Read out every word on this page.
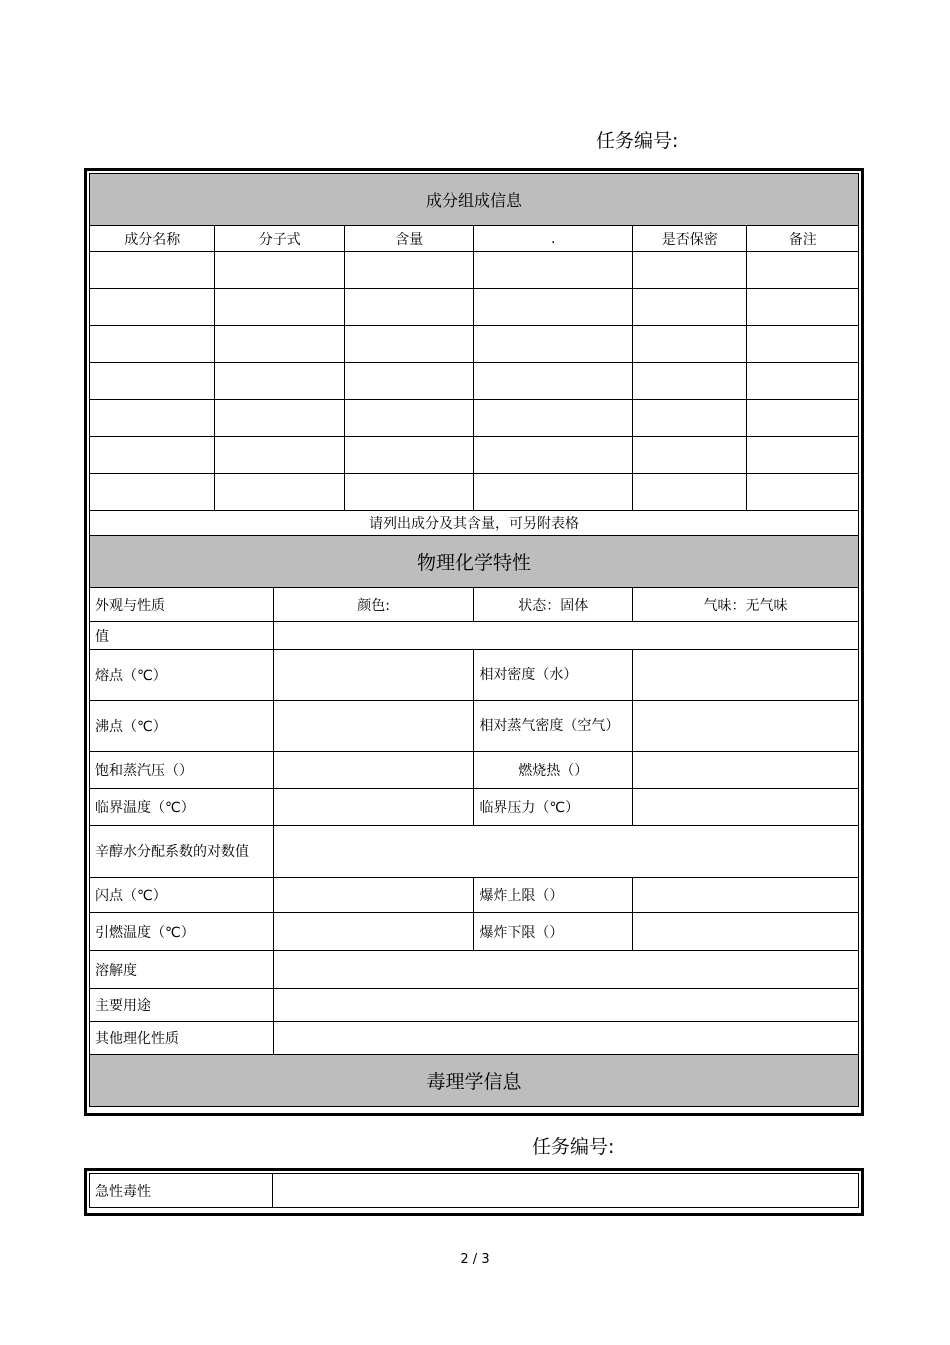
任务编号:
成分组成信息						
成分名称	分子式		含量	.	是否保密	备注

请列出成分及其含量，可另附表格						
物理化学特性						
外观与性质		颜色:		状态：固体	气味：无气味	
值						
熔点（℃）				相对密度（水）		
沸点（℃）				相对蒸气密度（空气）		
饱和蒸汽压（）				燃烧热（）		
临界温度（℃）				临界压力（℃）		
辛醇水分配系数的对数值						
闪点（℃）				爆炸上限（）		
引燃温度（℃）				爆炸下限（）		
溶解度						
主要用途						
其他理化性质						
毒理学信息						
任务编号:
急性毒性	
2 / 3
